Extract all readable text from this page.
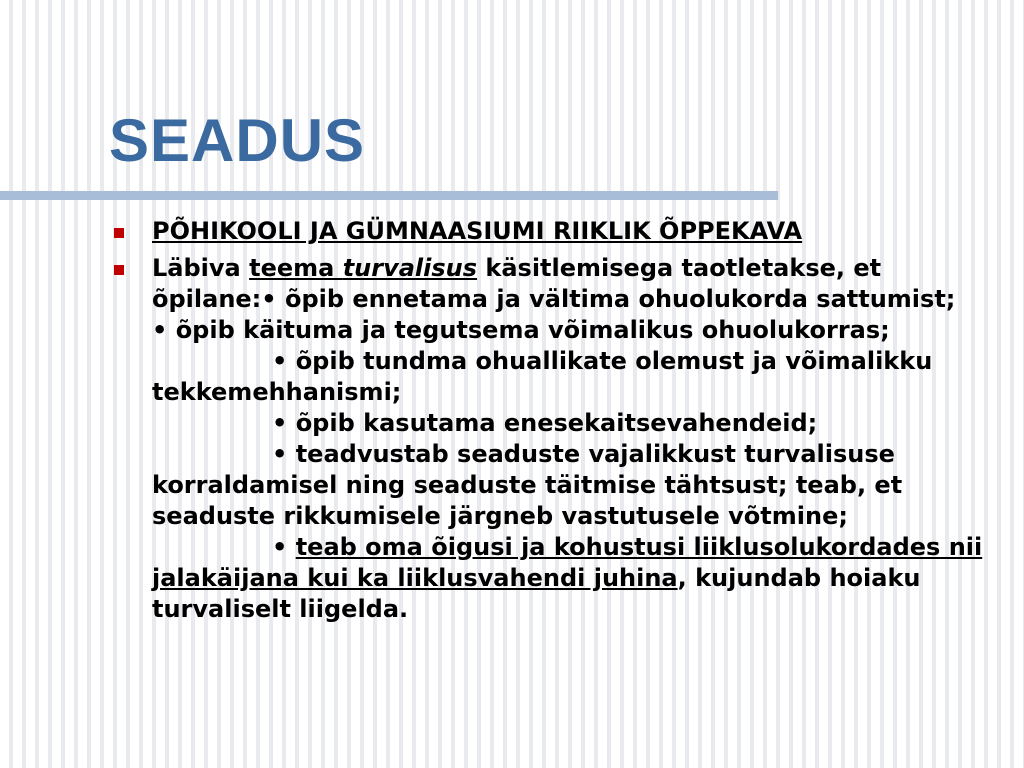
SEADUS
PÕHIKOOLI JA GÜMNAASIUMI RIIKLIK ÕPPEKAVA
Läbiva teema turvalisus käsitlemisega taotletakse, et õpilane:• õpib ennetama ja vältima ohuolukorda sattumist;
• õpib käituma ja tegutsema võimalikus ohuolukorras;
• õpib tundma ohuallikate olemust ja võimalikku tekkemehhanismi;
• õpib kasutama enesekaitsevahendeid;
• teadvustab seaduste vajalikkust turvalisuse korraldamisel ning seaduste täitmise tähtsust; teab, et seaduste rikkumisele järgneb vastutusele võtmine;
• teab oma õigusi ja kohustusi liiklusolukordades nii jalakäijana kui ka liiklusvahendi juhina, kujundab hoiaku turvaliselt liigelda.
